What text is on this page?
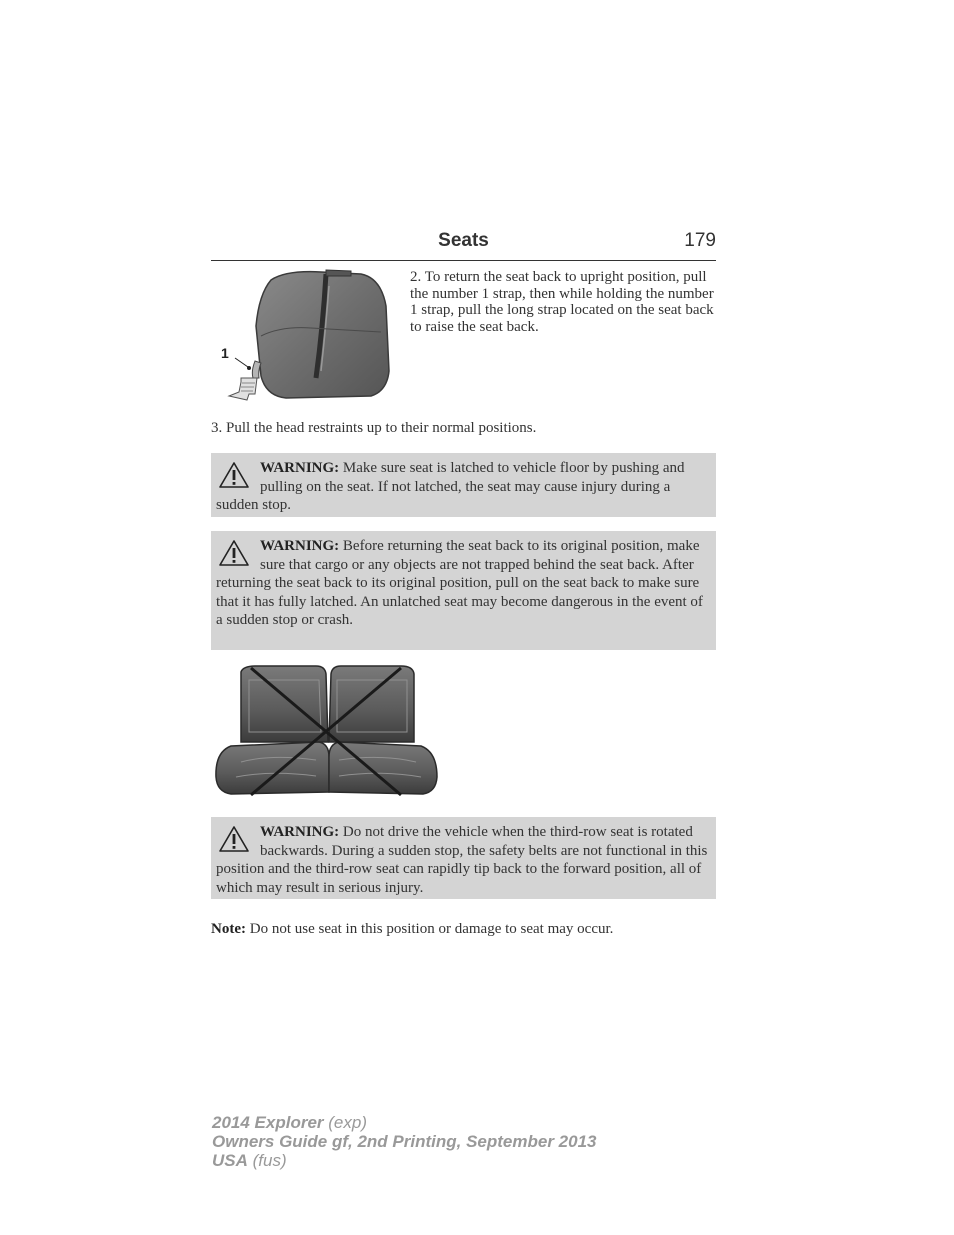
Seats	179
1
2. To return the seat back to upright position, pull the number 1 strap, then while holding the number 1 strap, pull the long strap located on the seat back to raise the seat back.
3. Pull the head restraints up to their normal positions.
WARNING: Make sure seat is latched to vehicle floor by pushing and pulling on the seat. If not latched, the seat may cause injury during a sudden stop.
WARNING: Before returning the seat back to its original position, make sure that cargo or any objects are not trapped behind the seat back. After returning the seat back to its original position, pull on the seat back to make sure that it has fully latched. An unlatched seat may become dangerous in the event of a sudden stop or crash.
WARNING: Do not drive the vehicle when the third-row seat is rotated backwards. During a sudden stop, the safety belts are not functional in this position and the third-row seat can rapidly tip back to the forward position, all of which may result in serious injury.
Note: Do not use seat in this position or damage to seat may occur.
2014 Explorer (exp)
Owners Guide gf, 2nd Printing, September 2013
USA (fus)
